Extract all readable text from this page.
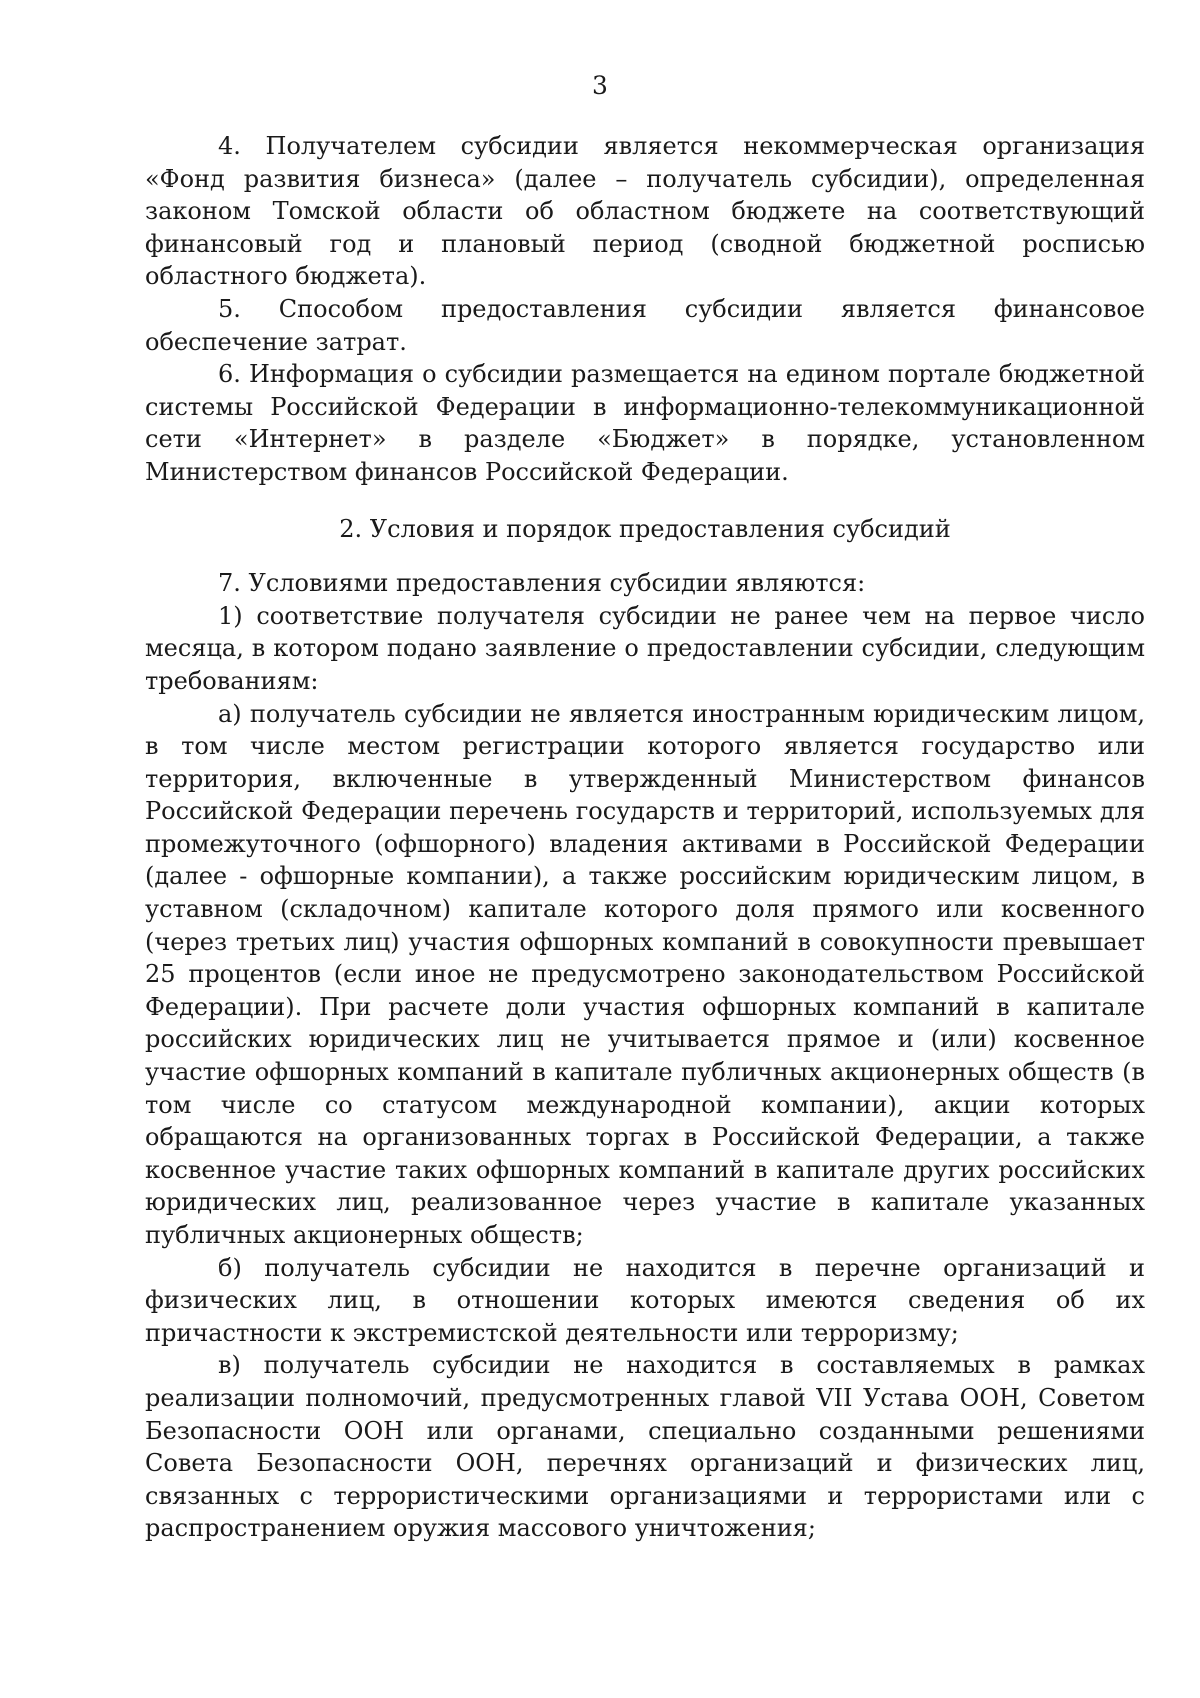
3

4. Получателем субсидии является некоммерческая организация «Фонд развития бизнеса» (далее – получатель субсидии), определенная законом Томской области об областном бюджете на соответствующий финансовый год и плановый период (сводной бюджетной росписью областного бюджета).

5. Способом предоставления субсидии является финансовое обеспечение затрат.

6. Информация о субсидии размещается на едином портале бюджетной системы Российской Федерации в информационно-телекоммуникационной сети «Интернет» в разделе «Бюджет» в порядке, установленном Министерством финансов Российской Федерации.

2. Условия и порядок предоставления субсидий

7. Условиями предоставления субсидии являются:

1) соответствие получателя субсидии не ранее чем на первое число месяца, в котором подано заявление о предоставлении субсидии, следующим требованиям:

а) получатель субсидии не является иностранным юридическим лицом, в том числе местом регистрации которого является государство или территория, включенные в утвержденный Министерством финансов Российской Федерации перечень государств и территорий, используемых для промежуточного (офшорного) владения активами в Российской Федерации (далее - офшорные компании), а также российским юридическим лицом, в уставном (складочном) капитале которого доля прямого или косвенного (через третьих лиц) участия офшорных компаний в совокупности превышает 25 процентов (если иное не предусмотрено законодательством Российской Федерации). При расчете доли участия офшорных компаний в капитале российских юридических лиц не учитывается прямое и (или) косвенное участие офшорных компаний в капитале публичных акционерных обществ (в том числе со статусом международной компании), акции которых обращаются на организованных торгах в Российской Федерации, а также косвенное участие таких офшорных компаний в капитале других российских юридических лиц, реализованное через участие в капитале указанных публичных акционерных обществ;

б) получатель субсидии не находится в перечне организаций и физических лиц, в отношении которых имеются сведения об их причастности к экстремистской деятельности или терроризму;

в) получатель субсидии не находится в составляемых в рамках реализации полномочий, предусмотренных главой VII Устава ООН, Советом Безопасности ООН или органами, специально созданными решениями Совета Безопасности ООН, перечнях организаций и физических лиц, связанных с террористическими организациями и террористами или с распространением оружия массового уничтожения;
